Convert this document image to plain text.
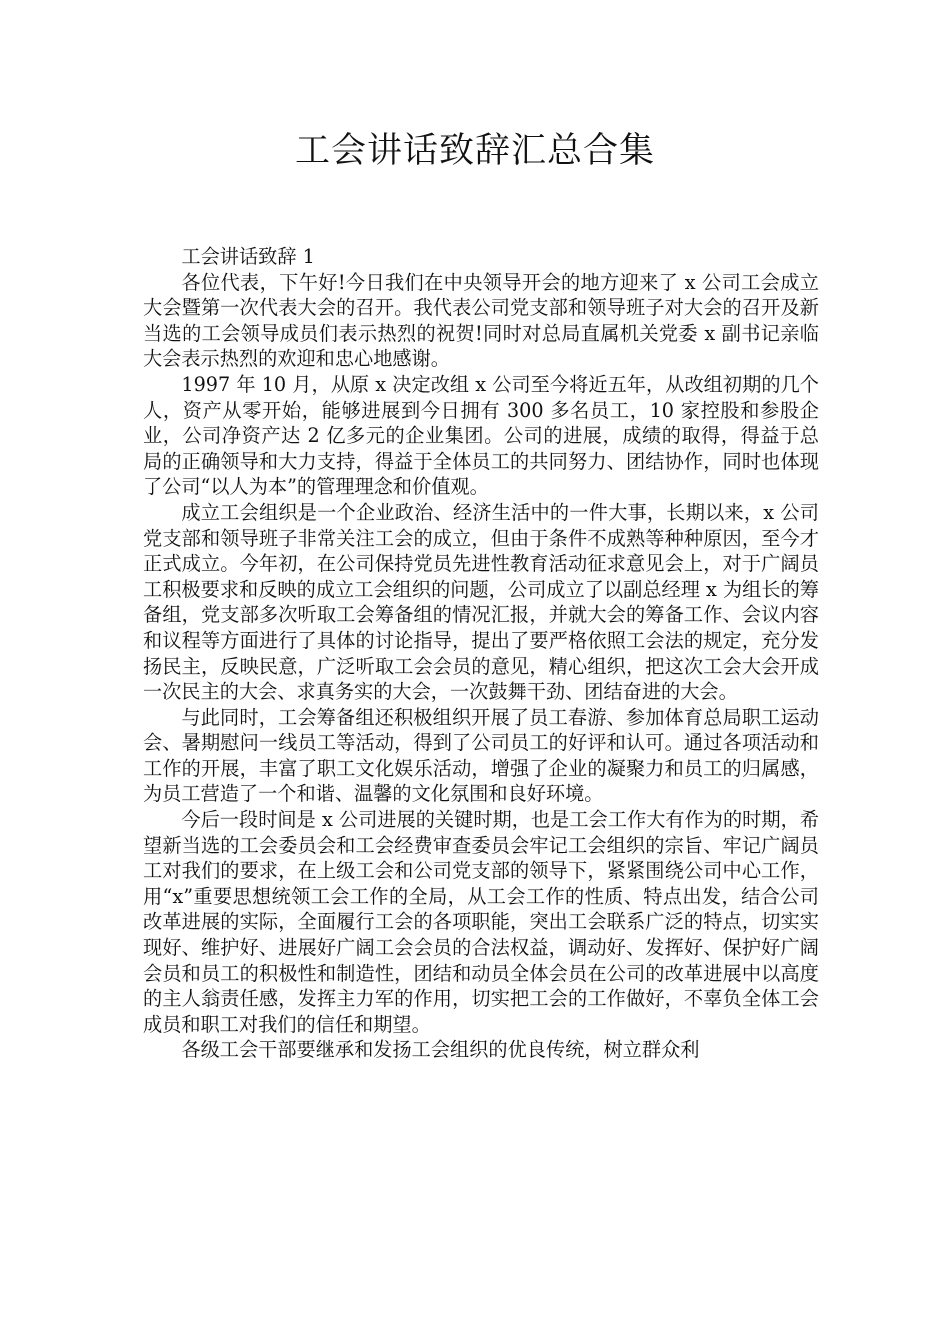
工会讲话致辞汇总合集

工会讲话致辞 1

各位代表，下午好!今日我们在中央领导开会的地方迎来了 x 公司工会成立大会暨第一次代表大会的召开。我代表公司党支部和领导班子对大会的召开及新当选的工会领导成员们表示热烈的祝贺!同时对总局直属机关党委 x 副书记亲临大会表示热烈的欢迎和忠心地感谢。

1997 年 10 月，从原 x 决定改组 x 公司至今将近五年，从改组初期的几个人，资产从零开始，能够进展到今日拥有 300 多名员工，10 家控股和参股企业，公司净资产达 2 亿多元的企业集团。公司的进展，成绩的取得，得益于总局的正确领导和大力支持，得益于全体员工的共同努力、团结协作，同时也体现了公司“以人为本”的管理理念和价值观。

成立工会组织是一个企业政治、经济生活中的一件大事，长期以来，x 公司党支部和领导班子非常关注工会的成立，但由于条件不成熟等种种原因，至今才正式成立。今年初，在公司保持党员先进性教育活动征求意见会上，对于广阔员工积极要求和反映的成立工会组织的问题，公司成立了以副总经理 x 为组长的筹备组，党支部多次听取工会筹备组的情况汇报，并就大会的筹备工作、会议内容和议程等方面进行了具体的讨论指导，提出了要严格依照工会法的规定，充分发扬民主，反映民意，广泛听取工会会员的意见，精心组织，把这次工会大会开成一次民主的大会、求真务实的大会，一次鼓舞干劲、团结奋进的大会。

与此同时，工会筹备组还积极组织开展了员工春游、参加体育总局职工运动会、暑期慰问一线员工等活动，得到了公司员工的好评和认可。通过各项活动和工作的开展，丰富了职工文化娱乐活动，增强了企业的凝聚力和员工的归属感，为员工营造了一个和谐、温馨的文化氛围和良好环境。

今后一段时间是 x 公司进展的关键时期，也是工会工作大有作为的时期，希望新当选的工会委员会和工会经费审查委员会牢记工会组织的宗旨、牢记广阔员工对我们的要求，在上级工会和公司党支部的领导下，紧紧围绕公司中心工作，用“x”重要思想统领工会工作的全局，从工会工作的性质、特点出发，结合公司改革进展的实际，全面履行工会的各项职能，突出工会联系广泛的特点，切实实现好、维护好、进展好广阔工会会员的合法权益，调动好、发挥好、保护好广阔会员和员工的积极性和制造性，团结和动员全体会员在公司的改革进展中以高度的主人翁责任感，发挥主力军的作用，切实把工会的工作做好，不辜负全体工会成员和职工对我们的信任和期望。

各级工会干部要继承和发扬工会组织的优良传统，树立群众利
